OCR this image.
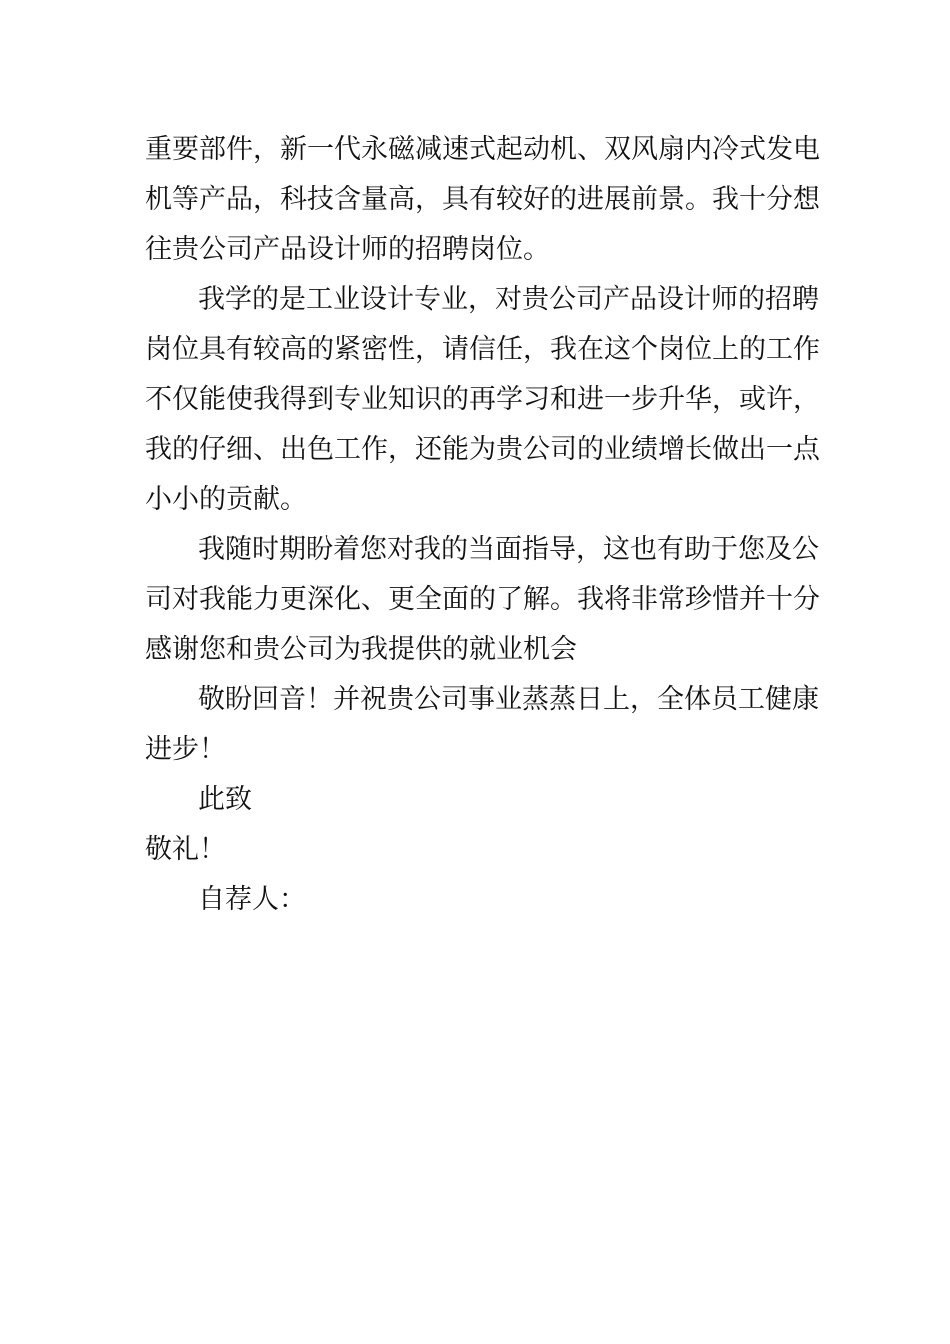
重要部件，新一代永磁减速式起动机、双风扇内冷式发电
机等产品，科技含量高，具有较好的进展前景。我十分想
往贵公司产品设计师的招聘岗位。
我学的是工业设计专业，对贵公司产品设计师的招聘
岗位具有较高的紧密性，请信任，我在这个岗位上的工作
不仅能使我得到专业知识的再学习和进一步升华，或许，
我的仔细、出色工作，还能为贵公司的业绩增长做出一点
小小的贡献。
我随时期盼着您对我的当面指导，这也有助于您及公
司对我能力更深化、更全面的了解。我将非常珍惜并十分
感谢您和贵公司为我提供的就业机会
敬盼回音！并祝贵公司事业蒸蒸日上，全体员工健康
进步！
此致
敬礼！
自荐人：
